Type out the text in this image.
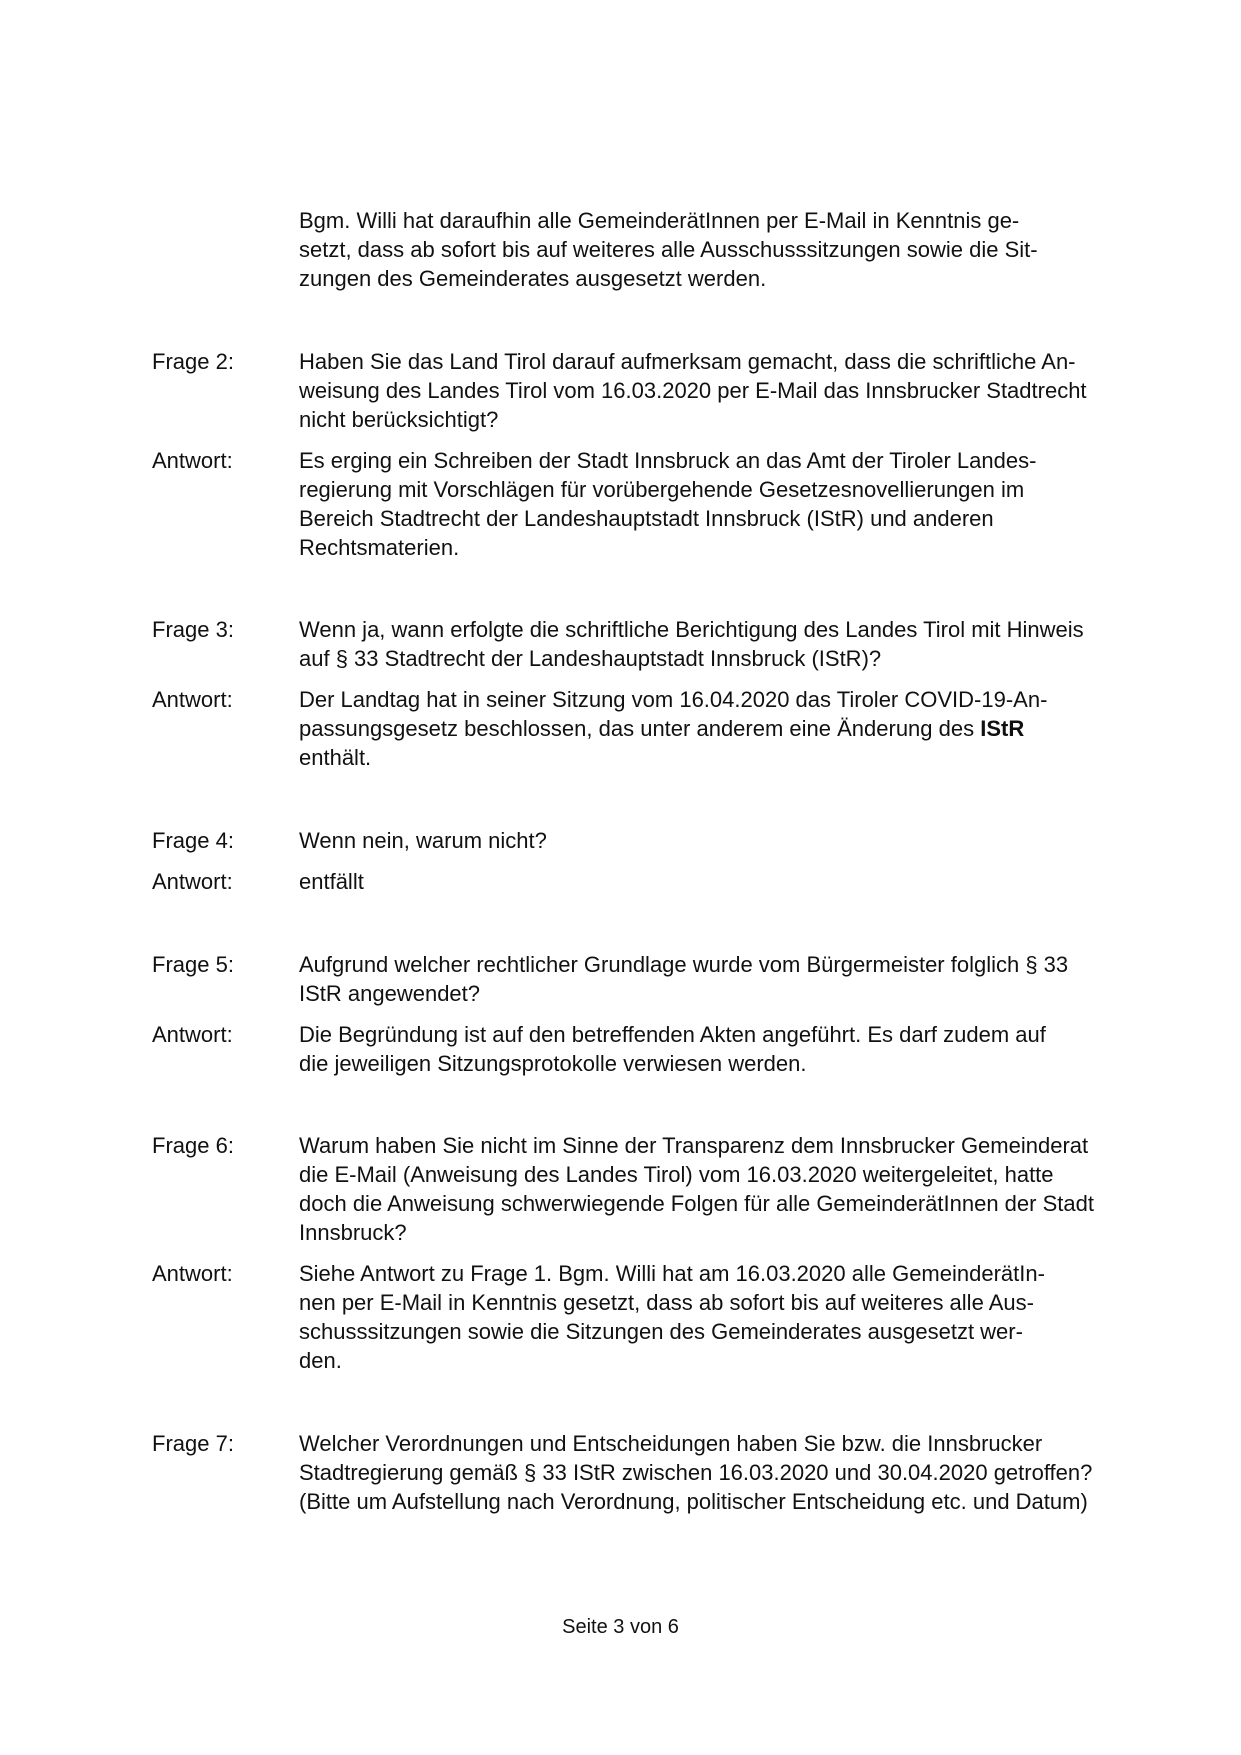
Bgm. Willi hat daraufhin alle GemeinderätInnen per E-Mail in Kenntnis ge-
setzt, dass ab sofort bis auf weiteres alle Ausschusssitzungen sowie die Sit-
zungen des Gemeinderates ausgesetzt werden.
Frage 2:	Haben Sie das Land Tirol darauf aufmerksam gemacht, dass die schriftliche An-
weisung des Landes Tirol vom 16.03.2020 per E-Mail das Innsbrucker Stadtrecht
nicht berücksichtigt?
Antwort:	Es erging ein Schreiben der Stadt Innsbruck an das Amt der Tiroler Landes-
regierung mit Vorschlägen für vorübergehende Gesetzesnovellierungen im
Bereich Stadtrecht der Landeshauptstadt Innsbruck (IStR) und anderen
Rechtsmaterien.
Frage 3:	Wenn ja, wann erfolgte die schriftliche Berichtigung des Landes Tirol mit Hinweis
auf § 33 Stadtrecht der Landeshauptstadt Innsbruck (IStR)?
Antwort:	Der Landtag hat in seiner Sitzung vom 16.04.2020 das Tiroler COVID-19-An-
passungsgesetz beschlossen, das unter anderem eine Änderung des IStR
enthält.
Frage 4:	Wenn nein, warum nicht?
Antwort:	entfällt
Frage 5:	Aufgrund welcher rechtlicher Grundlage wurde vom Bürgermeister folglich § 33
IStR angewendet?
Antwort:	Die Begründung ist auf den betreffenden Akten angeführt. Es darf zudem auf
die jeweiligen Sitzungsprotokolle verwiesen werden.
Frage 6:	Warum haben Sie nicht im Sinne der Transparenz dem Innsbrucker Gemeinderat
die E-Mail (Anweisung des Landes Tirol) vom 16.03.2020 weitergeleitet, hatte
doch die Anweisung schwerwiegende Folgen für alle GemeinderätInnen der Stadt
Innsbruck?
Antwort:	Siehe Antwort zu Frage 1. Bgm. Willi hat am 16.03.2020 alle GemeinderätIn-
nen per E-Mail in Kenntnis gesetzt, dass ab sofort bis auf weiteres alle Aus-
schusssitzungen sowie die Sitzungen des Gemeinderates ausgesetzt wer-
den.
Frage 7:	Welcher Verordnungen und Entscheidungen haben Sie bzw. die Innsbrucker
Stadtregierung gemäß § 33 IStR zwischen 16.03.2020 und 30.04.2020 getroffen?
(Bitte um Aufstellung nach Verordnung, politischer Entscheidung etc. und Datum)
Seite 3 von 6
